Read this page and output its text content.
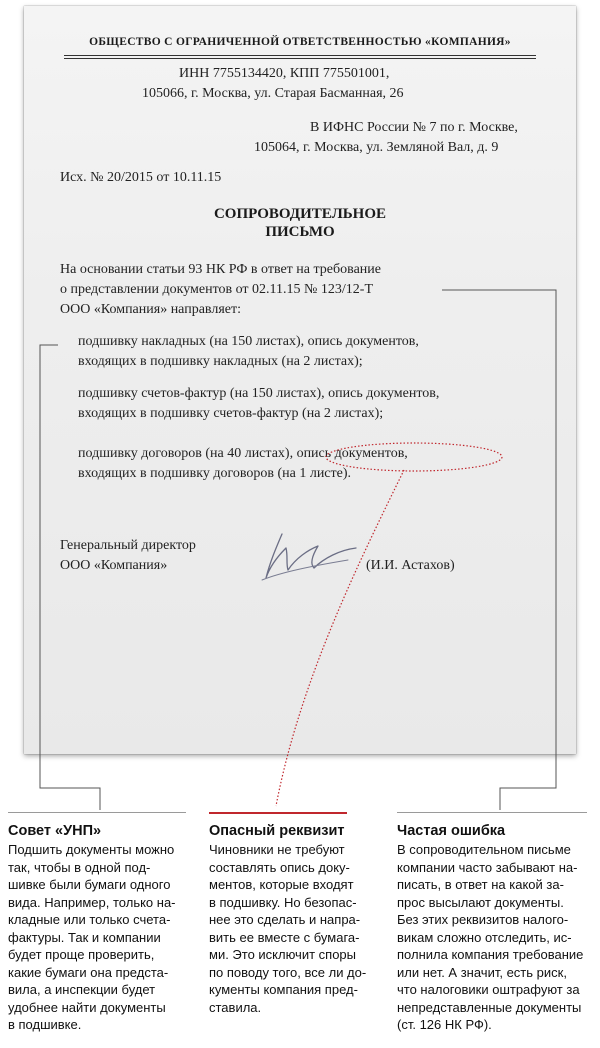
ОБЩЕСТВО С ОГРАНИЧЕННОЙ ОТВЕТСТВЕННОСТЬЮ «КОМПАНИЯ»
ИНН 7755134420, КПП 775501001,
105066, г. Москва, ул. Старая Басманная, 26
В ИФНС России № 7 по г. Москве,
105064, г. Москва, ул. Земляной Вал, д. 9
Исх. № 20/2015 от 10.11.15
СОПРОВОДИТЕЛЬНОЕ
ПИСЬМО
На основании статьи 93 НК РФ в ответ на требование
о представлении документов от 02.11.15 № 123/12-Т
ООО «Компания» направляет:
подшивку накладных (на 150 листах), опись документов,
входящих в подшивку накладных (на 2 листах);
подшивку счетов-фактур (на 150 листах), опись документов,
входящих в подшивку счетов-фактур (на 2 листах);
подшивку договоров (на 40 листах), опись документов,
входящих в подшивку договоров (на 1 листе).
Генеральный директор
ООО «Компания»	(И.И. Астахов)
Совет «УНП»
Подшить документы можно
так, чтобы в одной под-
шивке были бумаги одного
вида. Например, только на-
кладные или только счета-
фактуры. Так и компании
будет проще проверить,
какие бумаги она предста-
вила, а инспекции будет
удобнее найти документы
в подшивке.
Опасный реквизит
Чиновники не требуют
составлять опись доку-
ментов, которые входят
в подшивку. Но безопас-
нее это сделать и напра-
вить ее вместе с бумага-
ми. Это исключит споры
по поводу того, все ли до-
кументы компания пред-
ставила.
Частая ошибка
В сопроводительном письме
компании часто забывают на-
писать, в ответ на какой за-
прос высылают документы.
Без этих реквизитов налого-
викам сложно отследить, ис-
полнила компания требование
или нет. А значит, есть риск,
что налоговики оштрафуют за
непредставленные документы
(ст. 126 НК РФ).
